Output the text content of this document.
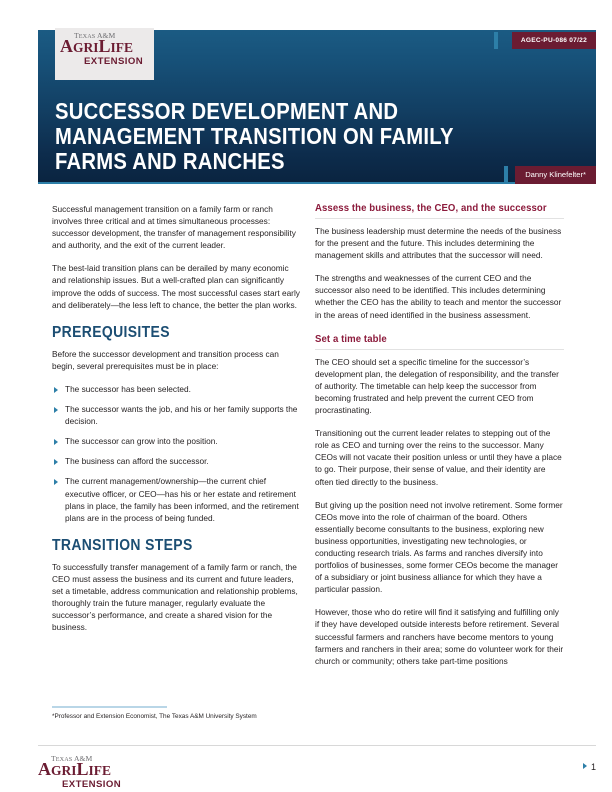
TEXAS A&M
AGRILIFE
EXTENSION
AGEC-PU-086 07/22
SUCCESSOR DEVELOPMENT AND MANAGEMENT TRANSITION ON FAMILY FARMS AND RANCHES
Danny Klinefelter*

Successful management transition on a family farm or ranch involves three critical and at times simultaneous processes: successor development, the transfer of management responsibility and authority, and the exit of the current leader.

The best-laid transition plans can be derailed by many economic and relationship issues. But a well-crafted plan can significantly improve the odds of success. The most successful cases start early and deliberately—the less left to chance, the better the plan works.

PREREQUISITES

Before the successor development and transition process can begin, several prerequisites must be in place:

The successor has been selected.
The successor wants the job, and his or her family supports the decision.
The successor can grow into the position.
The business can afford the successor.
The current management/ownership—the current chief executive officer, or CEO—has his or her estate and retirement plans in place, the family has been informed, and the retirement plans are in the process of being funded.
TRANSITION STEPS

To successfully transfer management of a family farm or ranch, the CEO must assess the business and its current and future leaders, set a timetable, address communication and relationship problems, thoroughly train the future manager, regularly evaluate the successor’s performance, and create a shared vision for the business.

Assess the business, the CEO, and the successor

The business leadership must determine the needs of the business for the present and the future. This includes determining the management skills and attributes that the successor will need.

The strengths and weaknesses of the current CEO and the successor also need to be identified. This includes determining whether the CEO has the ability to teach and mentor the successor in the areas of need identified in the business assessment.

Set a time table

The CEO should set a specific timeline for the successor’s development plan, the delegation of responsibility, and the transfer of authority. The timetable can help keep the successor from becoming frustrated and help prevent the current CEO from procrastinating.

Transitioning out the current leader relates to stepping out of the role as CEO and turning over the reins to the successor. Many CEOs will not vacate their position unless or until they have a place to go. Their purpose, their sense of value, and their identity are often tied directly to the business.

But giving up the position need not involve retirement. Some former CEOs move into the role of chairman of the board. Others essentially become consultants to the business, exploring new business opportunities, investigating new technologies, or conducting research trials. As farms and ranches diversify into portfolios of businesses, some former CEOs become the manager of a subsidiary or joint business alliance for which they have a particular passion.

However, those who do retire will find it satisfying and fulfilling only if they have developed outside interests before retirement. Several successful farmers and ranchers have become mentors to young farmers and ranchers in their area; some do volunteer work for their church or community; others take part-time positions

*Professor and Extension Economist, The Texas A&M University System
TEXAS A&M
AGRILIFE
EXTENSION
1
